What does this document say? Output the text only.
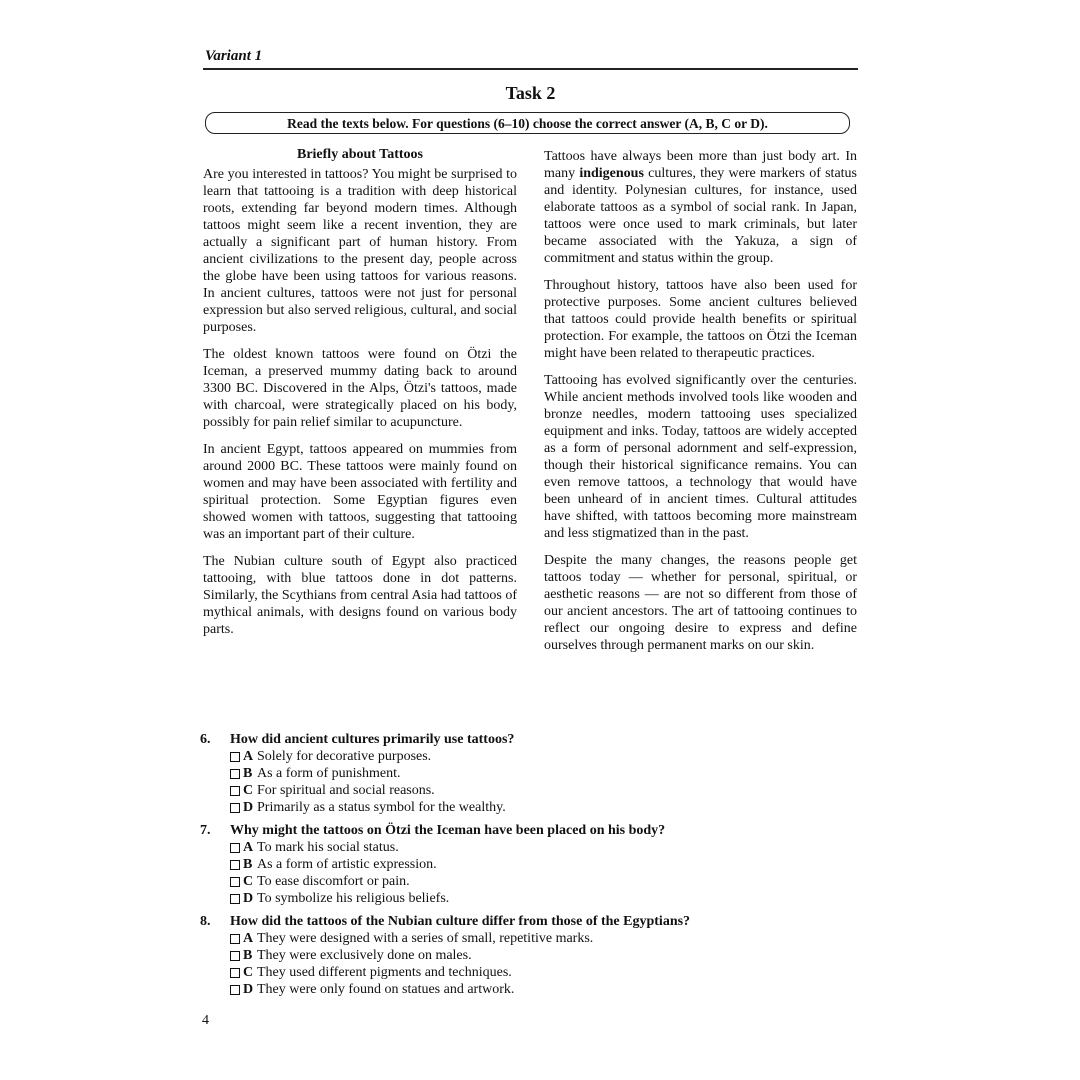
Variant 1
Task 2
Read the texts below. For questions (6–10) choose the correct answer (A, B, C or D).
Briefly about Tattoos

Are you interested in tattoos? You might be surprised to learn that tattooing is a tradition with deep historical roots, extending far beyond modern times. Although tattoos might seem like a recent invention, they are actually a significant part of human history. From ancient civilizations to the present day, people across the globe have been using tattoos for various reasons. In ancient cultures, tattoos were not just for personal expression but also served religious, cultural, and social purposes.

The oldest known tattoos were found on Ötzi the Iceman, a preserved mummy dating back to around 3300 BC. Discovered in the Alps, Ötzi's tattoos, made with charcoal, were strategically placed on his body, possibly for pain relief similar to acupuncture.

In ancient Egypt, tattoos appeared on mummies from around 2000 BC. These tattoos were mainly found on women and may have been associated with fertility and spiritual protection. Some Egyptian figures even showed women with tattoos, suggesting that tattooing was an important part of their culture.

The Nubian culture south of Egypt also practiced tattooing, with blue tattoos done in dot patterns. Similarly, the Scythians from central Asia had tattoos of mythical animals, with designs found on various body parts.

Tattoos have always been more than just body art. In many indigenous cultures, they were markers of status and identity. Polynesian cultures, for instance, used elaborate tattoos as a symbol of social rank. In Japan, tattoos were once used to mark criminals, but later became associated with the Yakuza, a sign of commitment and status within the group.

Throughout history, tattoos have also been used for protective purposes. Some ancient cultures believed that tattoos could provide health benefits or spiritual protection. For example, the tattoos on Ötzi the Iceman might have been related to therapeutic practices.

Tattooing has evolved significantly over the centuries. While ancient methods involved tools like wooden and bronze needles, modern tattooing uses specialized equipment and inks. Today, tattoos are widely accepted as a form of personal adornment and self-expression, though their historical significance remains. You can even remove tattoos, a technology that would have been unheard of in ancient times. Cultural attitudes have shifted, with tattoos becoming more mainstream and less stigmatized than in the past.

Despite the many changes, the reasons people get tattoos today — whether for personal, spiritual, or aesthetic reasons — are not so different from those of our ancient ancestors. The art of tattooing continues to reflect our ongoing desire to express and define ourselves through permanent marks on our skin.

6.	How did ancient cultures primarily use tattoos?
A Solely for decorative purposes.
B As a form of punishment.
C For spiritual and social reasons.
D Primarily as a status symbol for the wealthy.
7.	Why might the tattoos on Ötzi the Iceman have been placed on his body?
A To mark his social status.
B As a form of artistic expression.
C To ease discomfort or pain.
D To symbolize his religious beliefs.
8.	How did the tattoos of the Nubian culture differ from those of the Egyptians?
A They were designed with a series of small, repetitive marks.
B They were exclusively done on males.
C They used different pigments and techniques.
D They were only found on statues and artwork.
4
